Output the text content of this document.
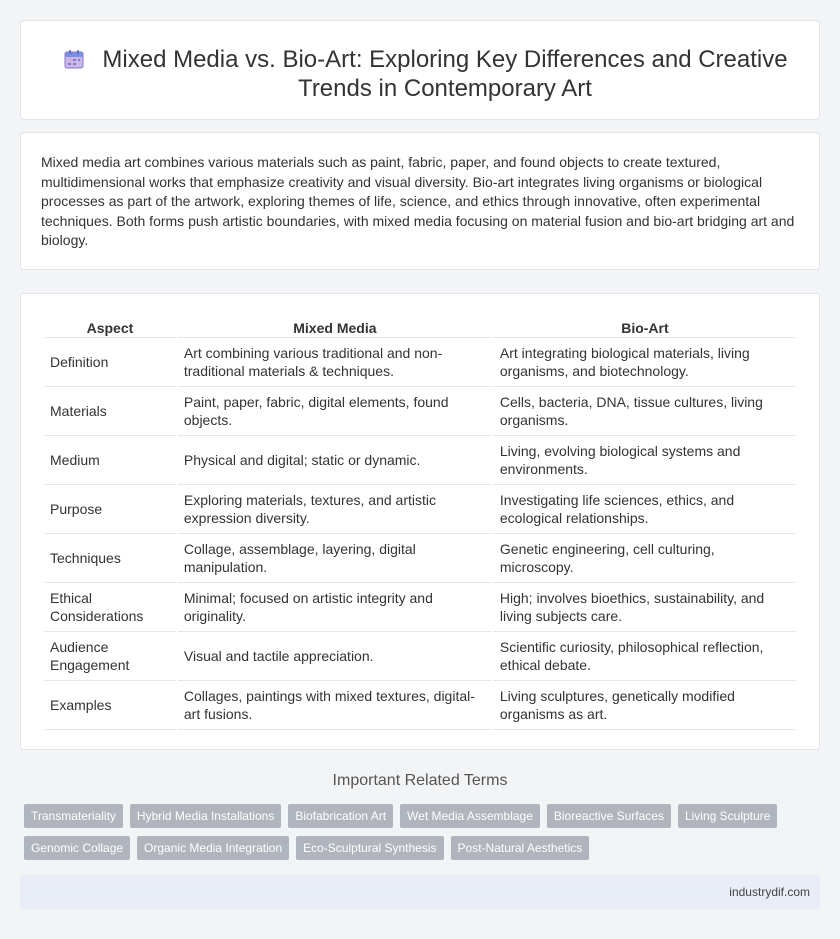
Mixed Media vs. Bio-Art: Exploring Key Differences and Creative Trends in Contemporary Art

Mixed media art combines various materials such as paint, fabric, paper, and found objects to create textured, multidimensional works that emphasize creativity and visual diversity. Bio-art integrates living organisms or biological processes as part of the artwork, exploring themes of life, science, and ethics through innovative, often experimental techniques. Both forms push artistic boundaries, with mixed media focusing on material fusion and bio-art bridging art and biology.

Aspect	Mixed Media	Bio-Art
Definition	Art combining various traditional and non-traditional materials & techniques.	Art integrating biological materials, living organisms, and biotechnology.
Materials	Paint, paper, fabric, digital elements, found objects.	Cells, bacteria, DNA, tissue cultures, living organisms.
Medium	Physical and digital; static or dynamic.	Living, evolving biological systems and environments.
Purpose	Exploring materials, textures, and artistic expression diversity.	Investigating life sciences, ethics, and ecological relationships.
Techniques	Collage, assemblage, layering, digital manipulation.	Genetic engineering, cell culturing, microscopy.
Ethical Considerations	Minimal; focused on artistic integrity and originality.	High; involves bioethics, sustainability, and living subjects care.
Audience Engagement	Visual and tactile appreciation.	Scientific curiosity, philosophical reflection, ethical debate.
Examples	Collages, paintings with mixed textures, digital-art fusions.	Living sculptures, genetically modified organisms as art.
Important Related Terms
Transmateriality	Hybrid Media Installations	Biofabrication Art	Wet Media Assemblage	Bioreactive Surfaces	Living Sculpture
Genomic Collage	Organic Media Integration	Eco-Sculptural Synthesis	Post-Natural Aesthetics
industrydif.com
